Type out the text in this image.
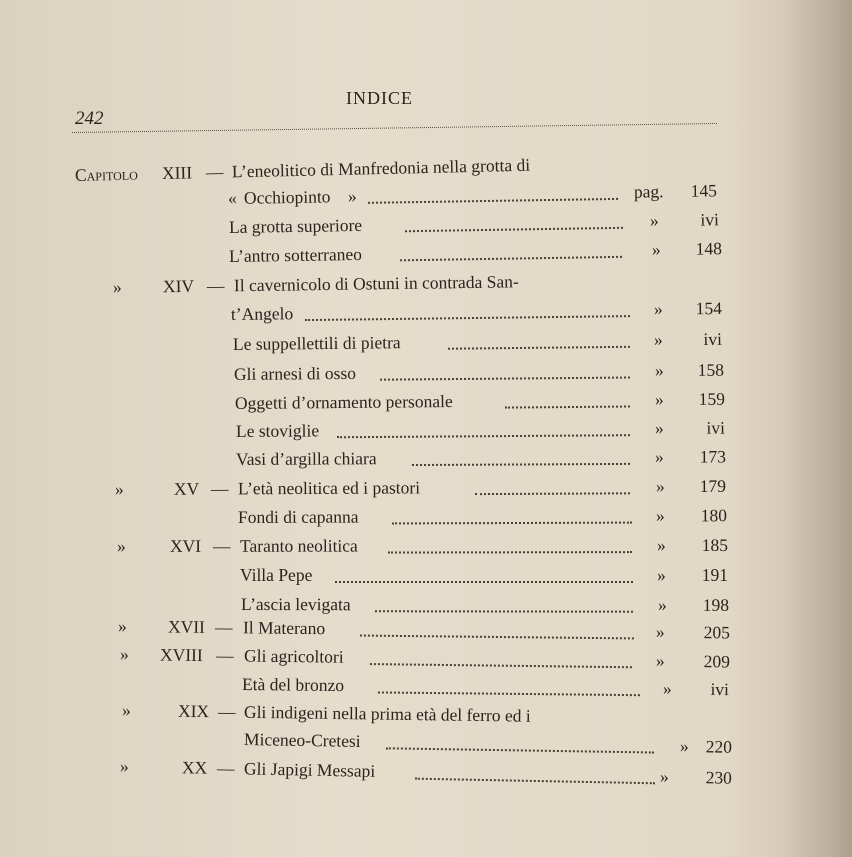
242
INDICE
Capitolo XIII — L’eneolitico di Manfredonia nella grotta di
« Occhiopinto »	pag.	145
La grotta superiore	»	ivi
L’antro sotterraneo	»	148
» XIV — Il cavernicolo di Ostuni in contrada San-
t’Angelo	»	154
Le suppellettili di pietra	»	ivi
Gli arnesi di osso	»	158
Oggetti d’ornamento personale	»	159
Le stoviglie	»	ivi
Vasi d’argilla chiara	»	173
»	XV — L’età neolitica ed i pastori	»	179
Fondi di capanna	»	180
»	XVI — Taranto neolitica	»	185
Villa Pepe	»	191
L’ascia levigata	»	198
» XVII — Il Materano	»	205
» XVIII — Gli agricoltori	»	209
Età del bronzo	»	ivi
»	XIX — Gli indigeni nella prima età del ferro ed i
Miceneo-Cretesi	» 220
»	XX — Gli Japigi Messapi	»	230
